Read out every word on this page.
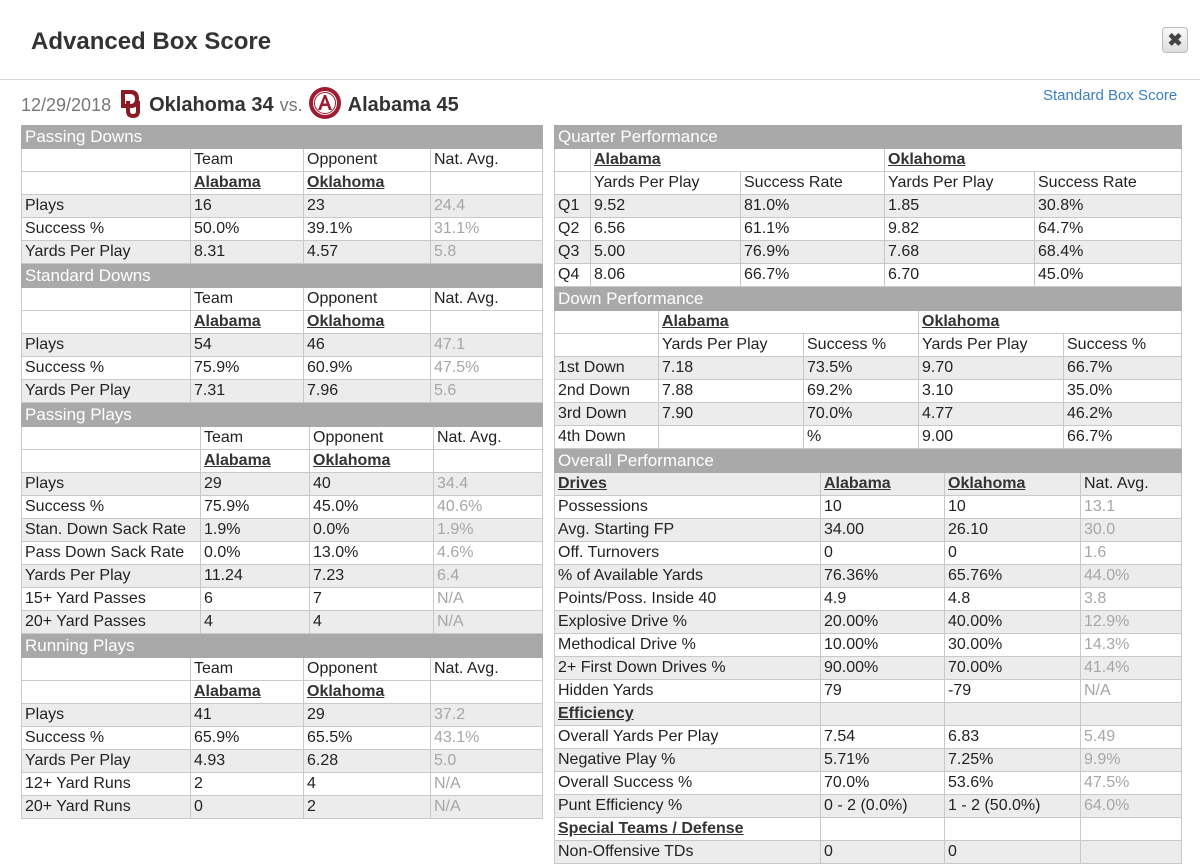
Advanced Box Score	✖
12/29/2018 Oklahoma 34 vs. Alabama 45	Standard Box Score
Passing Downs			
	Team	Opponent	Nat. Avg.
	Alabama	Oklahoma	
Plays	16	23	24.4
Success %	50.0%	39.1%	31.1%
Yards Per Play	8.31	4.57	5.8
Standard Downs			
	Team	Opponent	Nat. Avg.
	Alabama	Oklahoma	
Plays	54	46	47.1
Success %	75.9%	60.9%	47.5%
Yards Per Play	7.31	7.96	5.6
Passing Plays			
	Team	Opponent	Nat. Avg.
	Alabama	Oklahoma	
Plays	29	40	34.4
Success %	75.9%	45.0%	40.6%
Stan. Down Sack Rate	1.9%	0.0%	1.9%
Pass Down Sack Rate	0.0%	13.0%	4.6%
Yards Per Play	11.24	7.23	6.4
15+ Yard Passes	6	7	N/A
20+ Yard Passes	4	4	N/A
Running Plays			
	Team	Opponent	Nat. Avg.
	Alabama	Oklahoma	
Plays	41	29	37.2
Success %	65.9%	65.5%	43.1%
Yards Per Play	4.93	6.28	5.0
12+ Yard Runs	2	4	N/A
20+ Yard Runs	0	2	N/A
Quarter Performance				
	Alabama		Oklahoma	
	Yards Per Play	Success Rate	Yards Per Play	Success Rate
Q1	9.52	81.0%	1.85	30.8%
Q2	6.56	61.1%	9.82	64.7%
Q3	5.00	76.9%	7.68	68.4%
Q4	8.06	66.7%	6.70	45.0%
Down Performance				
	Alabama		Oklahoma	
	Yards Per Play	Success %	Yards Per Play	Success %
1st Down	7.18	73.5%	9.70	66.7%
2nd Down	7.88	69.2%	3.10	35.0%
3rd Down	7.90	70.0%	4.77	46.2%
4th Down		%	9.00	66.7%
Overall Performance			
Drives	Alabama	Oklahoma	Nat. Avg.
Possessions	10	10	13.1
Avg. Starting FP	34.00	26.10	30.0
Off. Turnovers	0	0	1.6
% of Available Yards	76.36%	65.76%	44.0%
Points/Poss. Inside 40	4.9	4.8	3.8
Explosive Drive %	20.00%	40.00%	12.9%
Methodical Drive %	10.00%	30.00%	14.3%
2+ First Down Drives %	90.00%	70.00%	41.4%
Hidden Yards	79	-79	N/A
Efficiency			
Overall Yards Per Play	7.54	6.83	5.49
Negative Play %	5.71%	7.25%	9.9%
Overall Success %	70.0%	53.6%	47.5%
Punt Efficiency %	0 - 2 (0.0%)	1 - 2 (50.0%)	64.0%
Special Teams / Defense			
Non-Offensive TDs	0	0	
